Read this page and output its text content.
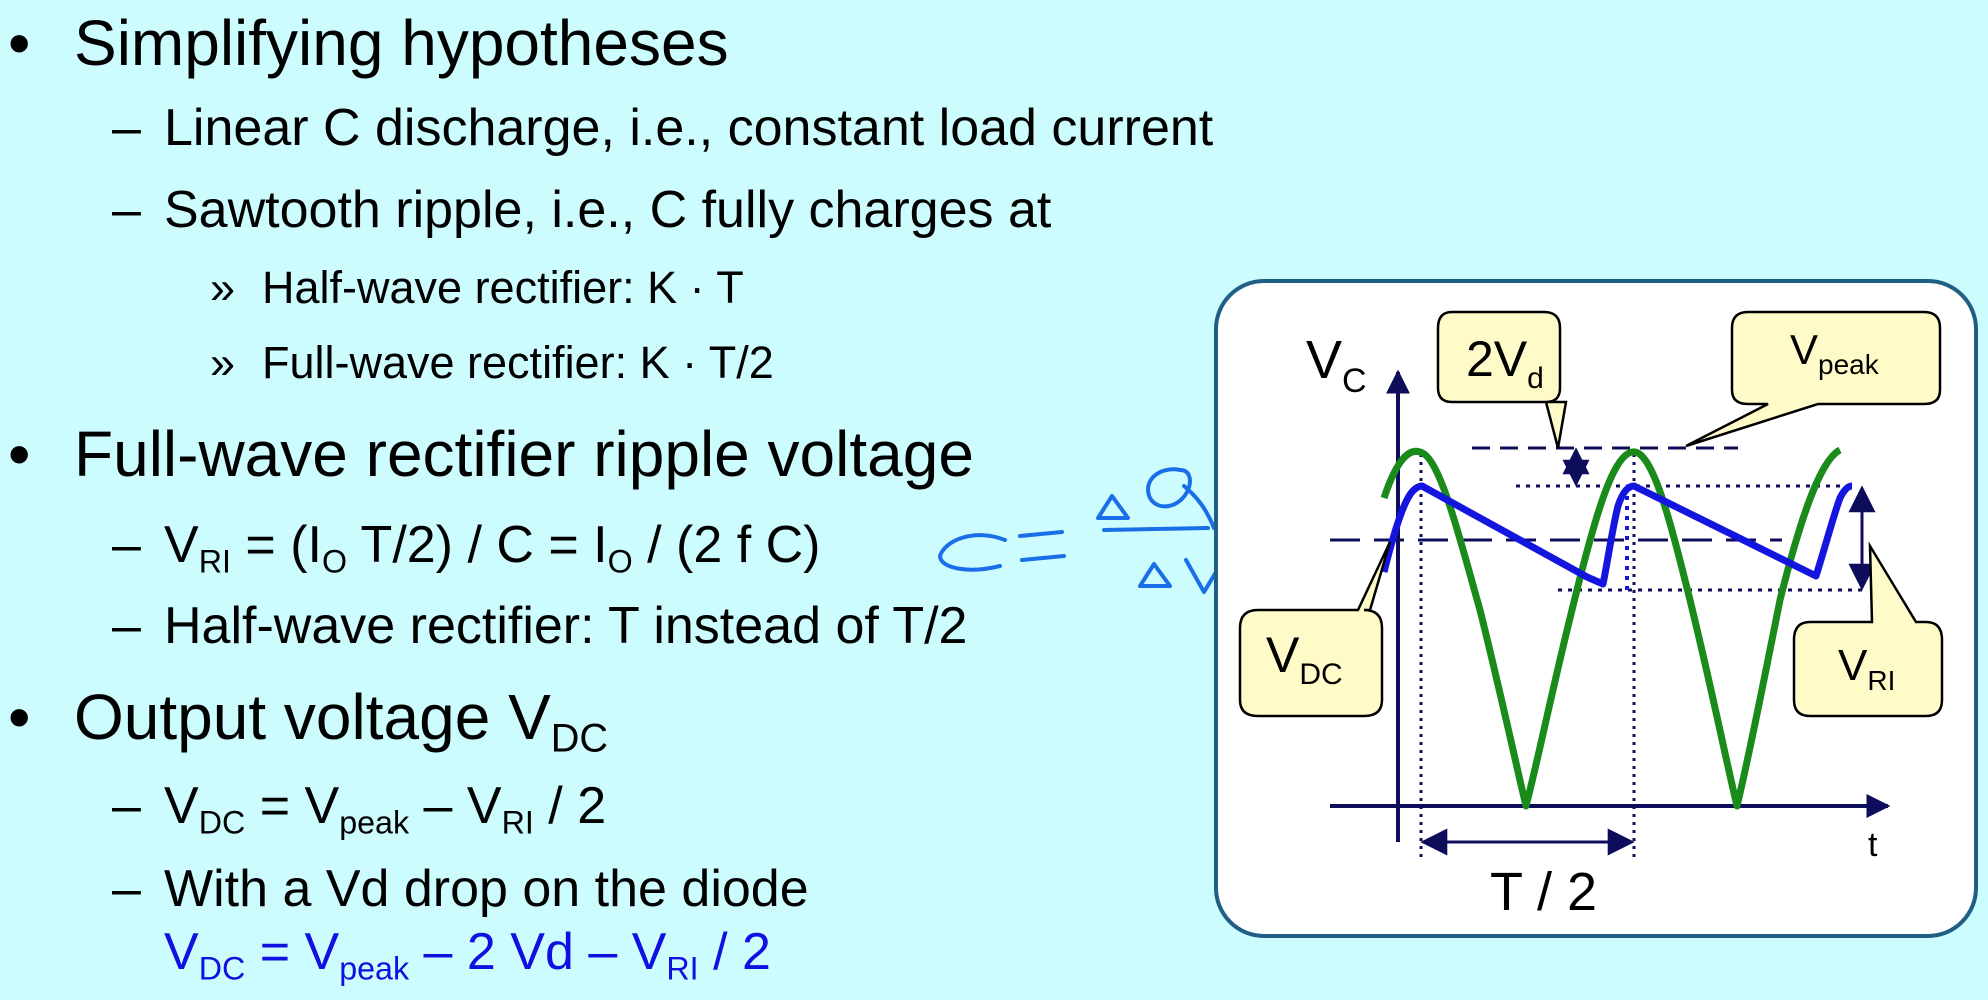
• Simplifying hypotheses
– Linear C discharge, i.e., constant load current
– Sawtooth ripple, i.e., C fully charges at
» Half-wave rectifier: K · T
» Full-wave rectifier: K · T/2
• Full-wave rectifier ripple voltage
– $V_{RI} = (I_O$ $T/2) / C = I_O / (2$ f C)
– Half-wave rectifier: T instead of T/2
• Output voltage $V_{DC}$
– $V_{DC} = V_{peak} - V_{RI} / 2$
– With a Vd drop on the diode
$V_{DC} = V_{peak} - 2$ Vd – $V_{RI} / 2$
$V_C$
t
T / 2
$2V_d$
$V_{peak}$
$V_{DC}$	$V_{RI}$
